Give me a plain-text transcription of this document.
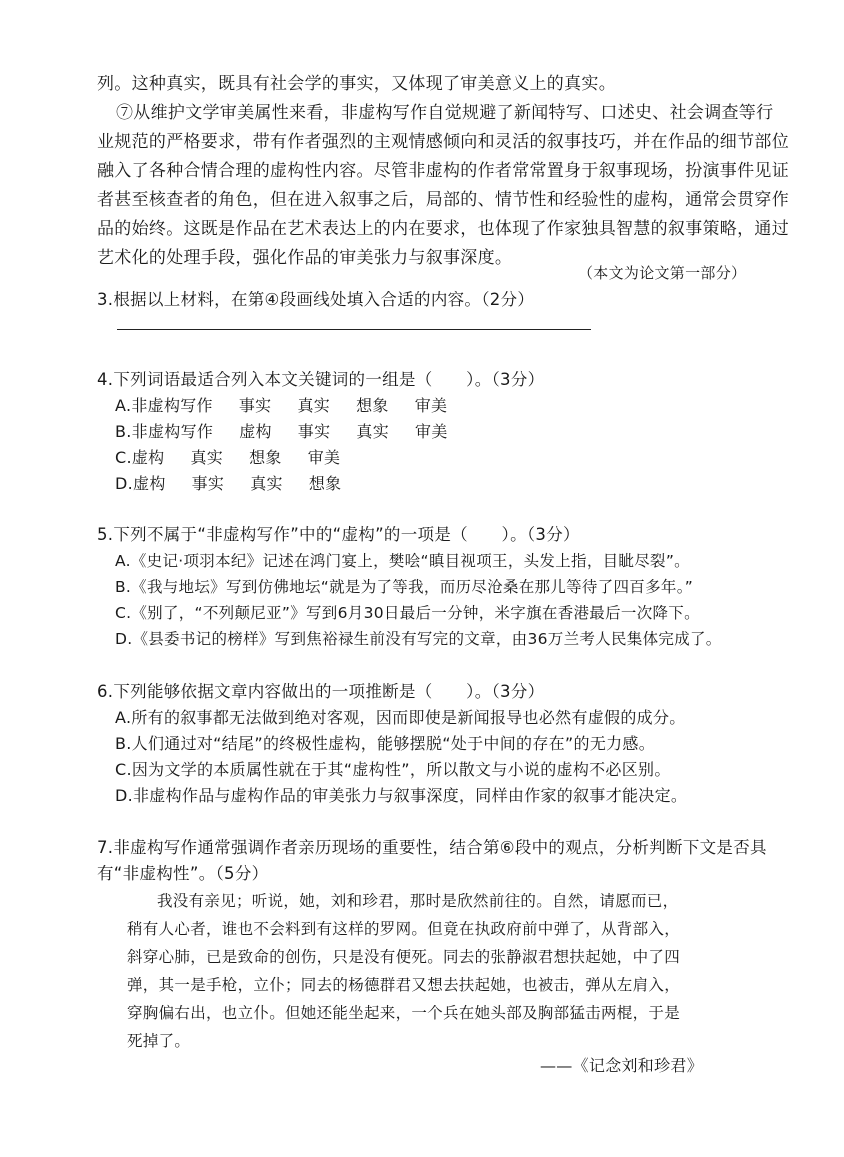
列。这种真实，既具有社会学的事实，又体现了审美意义上的真实。
⑦从维护文学审美属性来看，非虚构写作自觉规避了新闻特写、口述史、社会调查等行
业规范的严格要求，带有作者强烈的主观情感倾向和灵活的叙事技巧，并在作品的细节部位
融入了各种合情合理的虚构性内容。尽管非虚构的作者常常置身于叙事现场，扮演事件见证
者甚至核查者的角色，但在进入叙事之后，局部的、情节性和经验性的虚构，通常会贯穿作
品的始终。这既是作品在艺术表达上的内在要求，也体现了作家独具智慧的叙事策略，通过
艺术化的处理手段，强化作品的审美张力与叙事深度。
（本文为论文第一部分）
3.根据以上材料，在第④段画线处填入合适的内容。（2分）
4.下列词语最适合列入本文关键词的一组是（　　）。（3分）
A.非虚构写作 事实 真实 想象 审美
B.非虚构写作 虚构 事实 真实 审美
C.虚构 真实 想象 审美
D.虚构 事实 真实 想象
5.下列不属于“非虚构写作”中的“虚构”的一项是（　　）。（3分）
A.《史记·项羽本纪》记述在鸿门宴上，樊哙“瞋目视项王，头发上指，目眦尽裂”。
B.《我与地坛》写到仿佛地坛“就是为了等我，而历尽沧桑在那儿等待了四百多年。”
C.《别了，“不列颠尼亚”》写到6月30日最后一分钟，米字旗在香港最后一次降下。
D.《县委书记的榜样》写到焦裕禄生前没有写完的文章，由36万兰考人民集体完成了。
6.下列能够依据文章内容做出的一项推断是（　　）。（3分）
A.所有的叙事都无法做到绝对客观，因而即使是新闻报导也必然有虚假的成分。
B.人们通过对“结尾”的终极性虚构，能够摆脱“处于中间的存在”的无力感。
C.因为文学的本质属性就在于其“虚构性”，所以散文与小说的虚构不必区别。
D.非虚构作品与虚构作品的审美张力与叙事深度，同样由作家的叙事才能决定。
7.非虚构写作通常强调作者亲历现场的重要性，结合第⑥段中的观点，分析判断下文是否具
有“非虚构性”。（5分）
我没有亲见；听说，她，刘和珍君，那时是欣然前往的。自然，请愿而已，
稍有人心者，谁也不会料到有这样的罗网。但竟在执政府前中弹了，从背部入，
斜穿心肺，已是致命的创伤，只是没有便死。同去的张静淑君想扶起她，中了四
弹，其一是手枪，立仆；同去的杨德群君又想去扶起她，也被击，弹从左肩入，
穿胸偏右出，也立仆。但她还能坐起来，一个兵在她头部及胸部猛击两棍，于是
死掉了。
——《记念刘和珍君》
